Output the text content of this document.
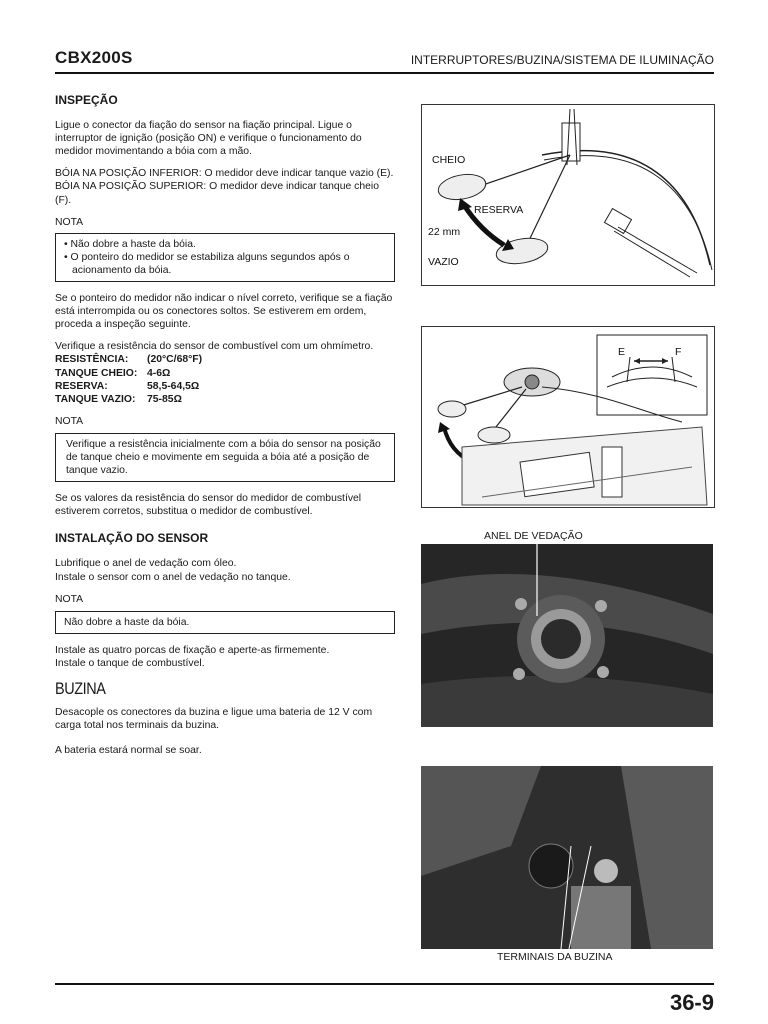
CBX200S	INTERRUPTORES/BUZINA/SISTEMA DE ILUMINAÇÃO
INSPEÇÃO

Ligue o conector da fiação do sensor na fiação principal. Ligue o interruptor de ignição (posição ON) e verifique o funcionamento do medidor movimentando a bóia com a mão.

BÓIA NA POSIÇÃO INFERIOR: O medidor deve indicar tanque vazio (E).
BÓIA NA POSIÇÃO SUPERIOR: O medidor deve indicar tanque cheio (F).

NOTA

• Não dobre a haste da bóia.
• O ponteiro do medidor se estabiliza alguns segundos após o acionamento da bóia.

Se o ponteiro do medidor não indicar o nível correto, verifique se a fiação está interrompida ou os conectores soltos. Se estiverem em ordem, proceda a inspeção seguinte.

Verifique a resistência do sensor de combustível com um ohmímetro.

RESISTÊNCIA:	(20°C/68°F)
TANQUE CHEIO: 4-6Ω
RESERVA:	58,5-64,5Ω
TANQUE VAZIO:	75-85Ω

NOTA

Verifique a resistência inicialmente com a bóia do sensor na posição de tanque cheio e movimente em seguida a bóia até a posição de tanque vazio.

Se os valores da resistência do sensor do medidor de combustível estiverem corretos, substitua o medidor de combustível.

INSTALAÇÃO DO SENSOR

Lubrifique o anel de vedação com óleo.
Instale o sensor com o anel de vedação no tanque.

NOTA

Não dobre a haste da bóia.

Instale as quatro porcas de fixação e aperte-as firmemente.
Instale o tanque de combustível.

BUZINA

Desacople os conectores da buzina e ligue uma bateria de 12 V com carga total nos terminais da buzina.

A bateria estará normal se soar.

CHEIO
RESERVA
22 mm
VAZIO
E	F
ANEL DE VEDAÇÃO
TERMINAIS DA BUZINA
36-9
